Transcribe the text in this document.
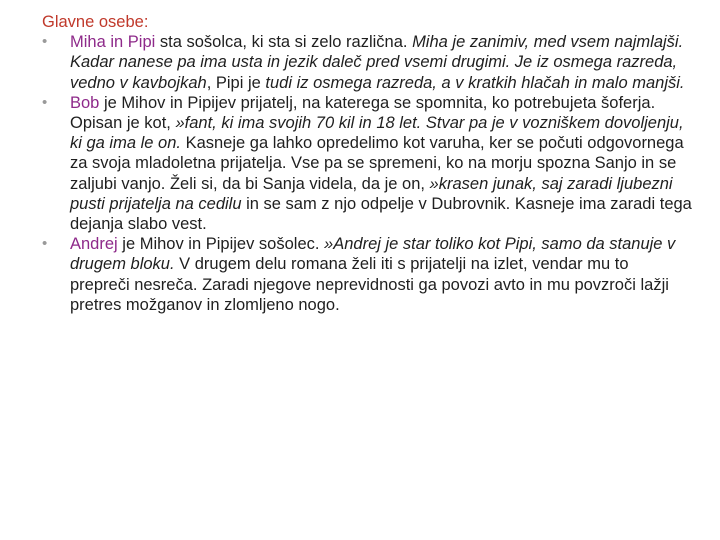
Glavne osebe:
•	Miha in Pipi sta sošolca, ki sta si zelo različna. Miha je zanimiv, med vsem najmlajši. Kadar nanese pa ima usta in jezik daleč pred vsemi drugimi. Je iz osmega razreda, vedno v kavbojkah, Pipi je tudi iz osmega razreda, a v kratkih hlačah in malo manjši.
•	Bob je Mihov in Pipijev prijatelj, na katerega se spomnita, ko potrebujeta šoferja. Opisan je kot, »fant, ki ima svojih 70 kil in 18 let. Stvar pa je v vozniškem dovoljenju, ki ga ima le on. Kasneje ga lahko opredelimo kot varuha, ker se počuti odgovornega za svoja mladoletna prijatelja. Vse pa se spremeni, ko na morju spozna Sanjo in se zaljubi vanjo. Želi si, da bi Sanja videla, da je on, »krasen junak, saj zaradi ljubezni pusti prijatelja na cedilu in se sam z njo odpelje v Dubrovnik. Kasneje ima zaradi tega dejanja slabo vest.
•	Andrej je Mihov in Pipijev sošolec. »Andrej je star toliko kot Pipi, samo da stanuje v drugem bloku. V drugem delu romana želi iti s prijatelji na izlet, vendar mu to prepreči nesreča. Zaradi njegove neprevidnosti ga povozi avto in mu povzroči lažji pretres možganov in zlomljeno nogo.
